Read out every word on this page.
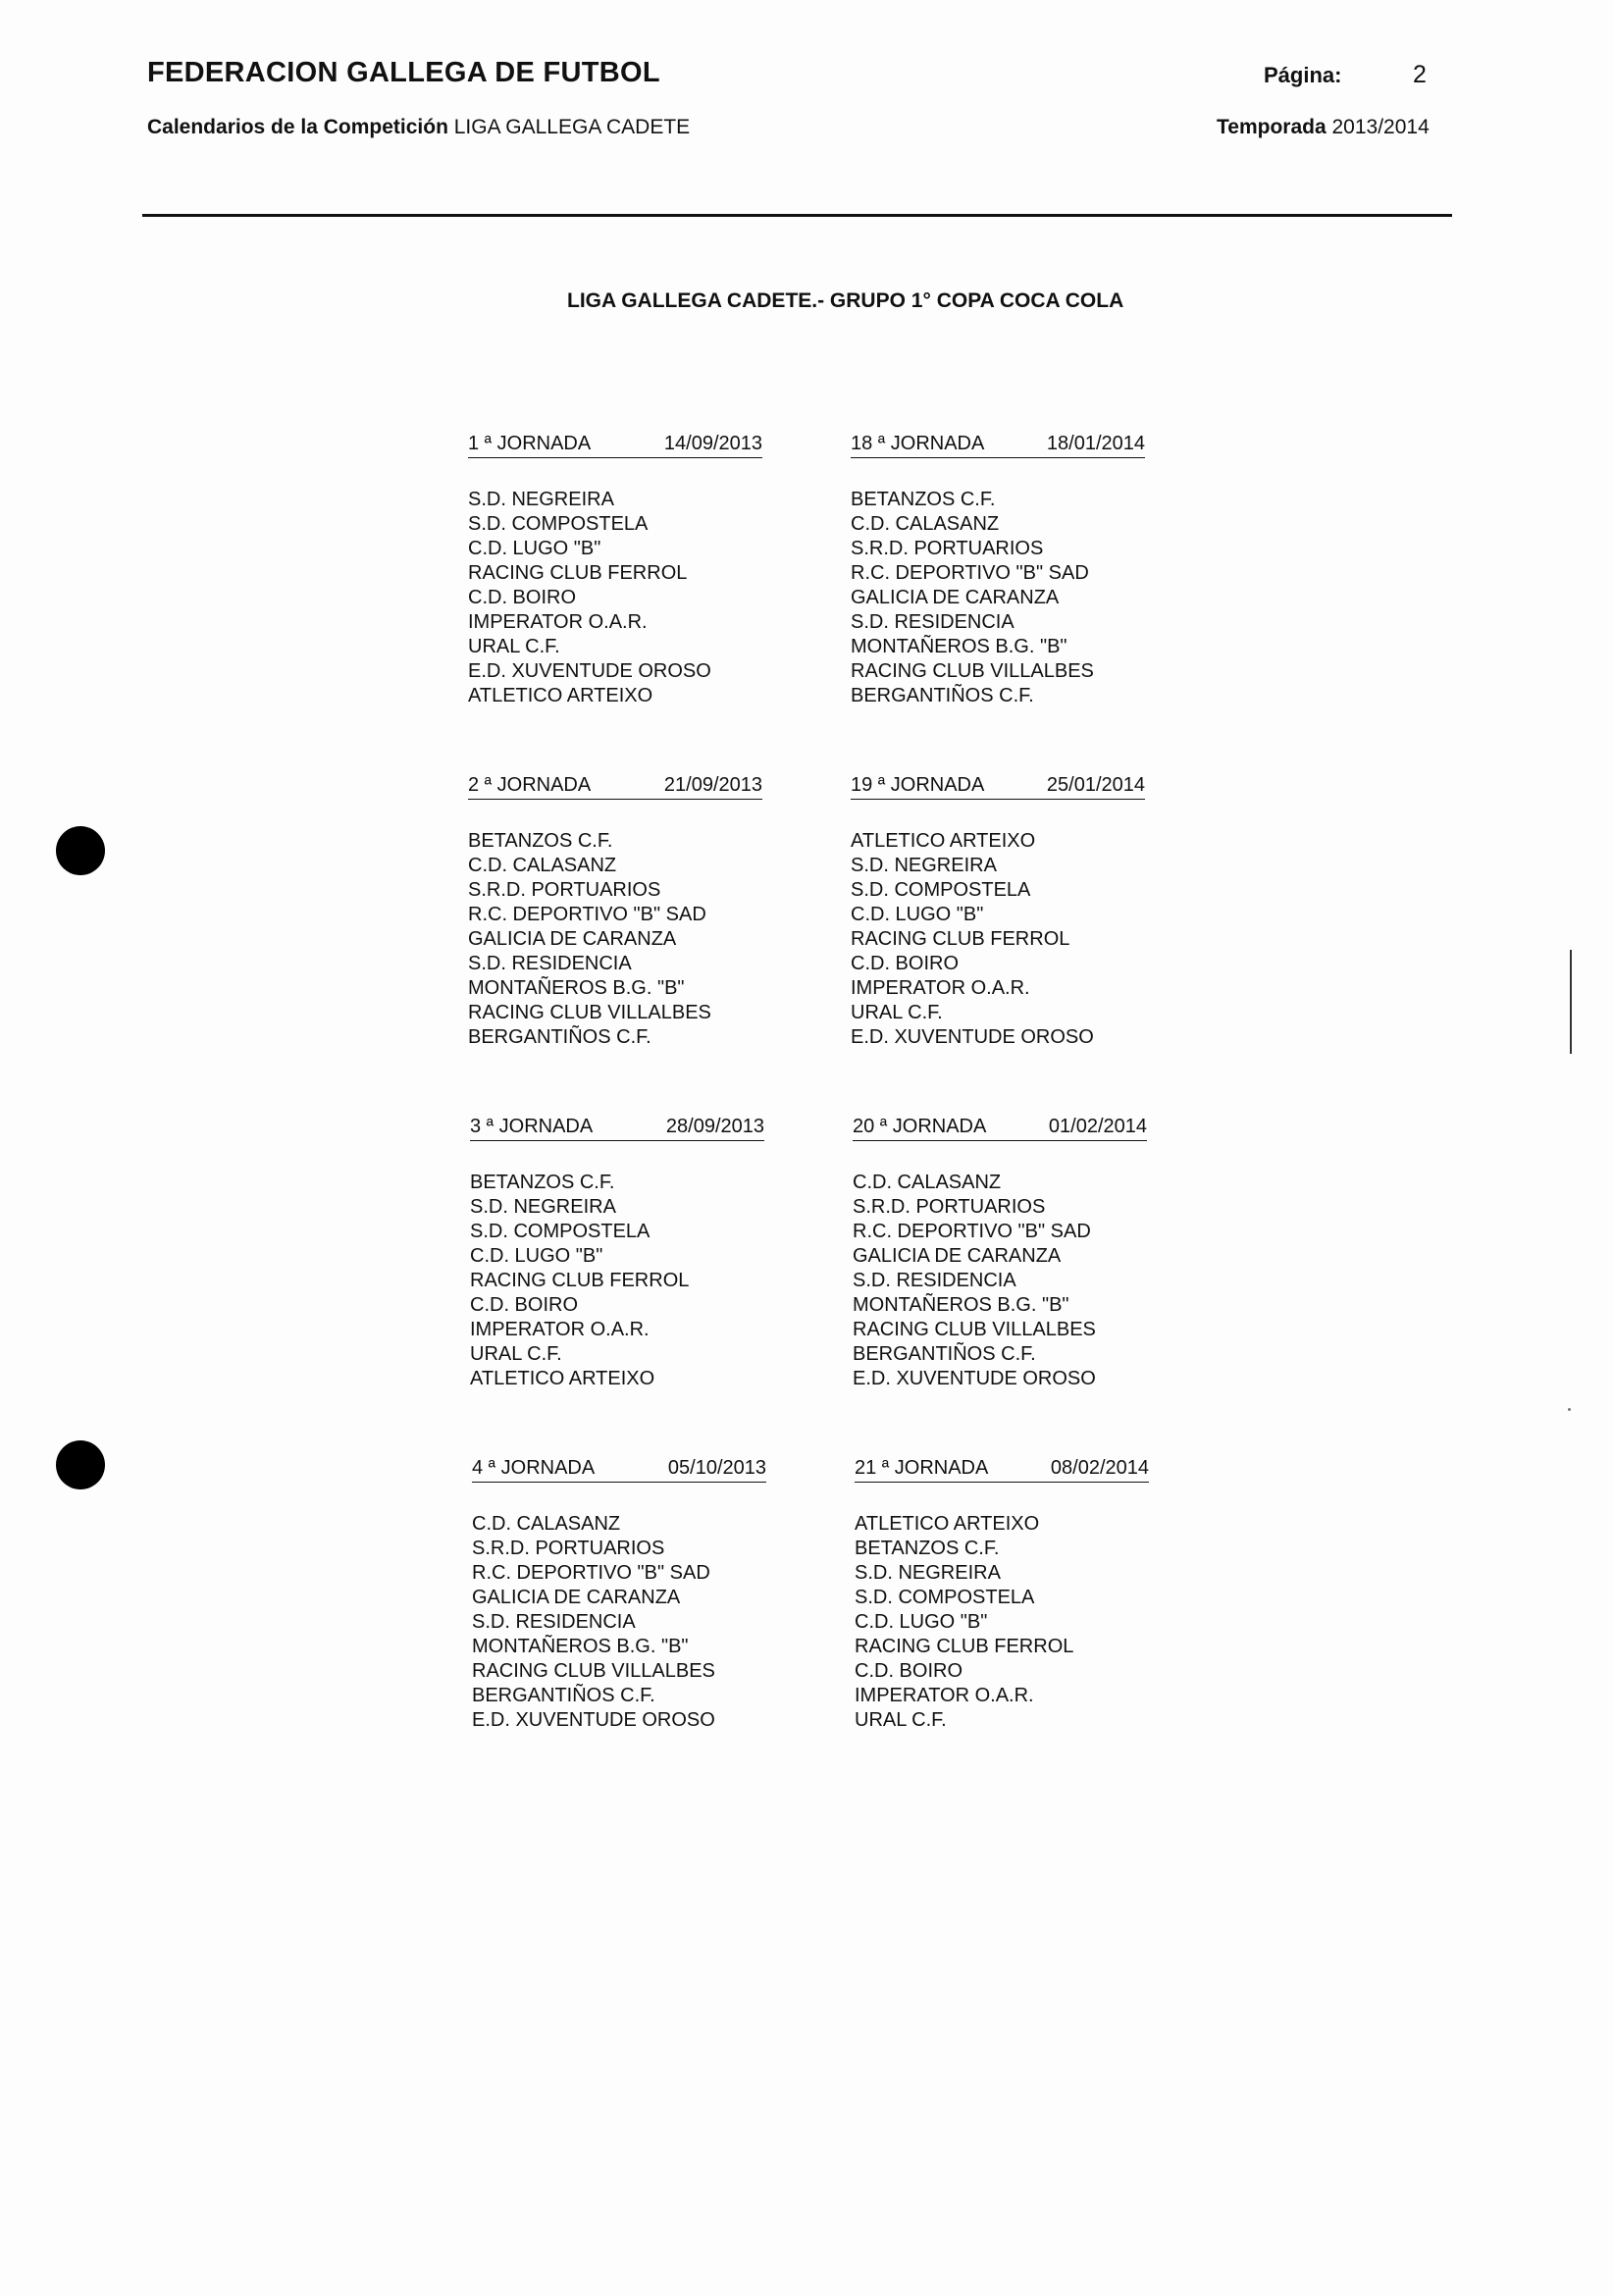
FEDERACION GALLEGA DE FUTBOL	Página:	2
Calendarios de la Competición LIGA GALLEGA CADETE	Temporada 2013/2014
LIGA GALLEGA CADETE.- GRUPO 1° COPA COCA COLA
1 ª JORNADA	14/09/2013
S.D. NEGREIRA
S.D. COMPOSTELA
C.D. LUGO "B"
RACING CLUB FERROL
C.D. BOIRO
IMPERATOR O.A.R.
URAL C.F.
E.D. XUVENTUDE OROSO
ATLETICO ARTEIXO
18 ª JORNADA	18/01/2014
BETANZOS C.F.
C.D. CALASANZ
S.R.D. PORTUARIOS
R.C. DEPORTIVO "B" SAD
GALICIA DE CARANZA
S.D. RESIDENCIA
MONTAÑEROS B.G. "B"
RACING CLUB VILLALBES
BERGANTIÑOS C.F.
2 ª JORNADA	21/09/2013
BETANZOS C.F.
C.D. CALASANZ
S.R.D. PORTUARIOS
R.C. DEPORTIVO "B" SAD
GALICIA DE CARANZA
S.D. RESIDENCIA
MONTAÑEROS B.G. "B"
RACING CLUB VILLALBES
BERGANTIÑOS C.F.
19 ª JORNADA	25/01/2014
ATLETICO ARTEIXO
S.D. NEGREIRA
S.D. COMPOSTELA
C.D. LUGO "B"
RACING CLUB FERROL
C.D. BOIRO
IMPERATOR O.A.R.
URAL C.F.
E.D. XUVENTUDE OROSO
3 ª JORNADA	28/09/2013
BETANZOS C.F.
S.D. NEGREIRA
S.D. COMPOSTELA
C.D. LUGO "B"
RACING CLUB FERROL
C.D. BOIRO
IMPERATOR O.A.R.
URAL C.F.
ATLETICO ARTEIXO
20 ª JORNADA	01/02/2014
C.D. CALASANZ
S.R.D. PORTUARIOS
R.C. DEPORTIVO "B" SAD
GALICIA DE CARANZA
S.D. RESIDENCIA
MONTAÑEROS B.G. "B"
RACING CLUB VILLALBES
BERGANTIÑOS C.F.
E.D. XUVENTUDE OROSO
4 ª JORNADA	05/10/2013
C.D. CALASANZ
S.R.D. PORTUARIOS
R.C. DEPORTIVO "B" SAD
GALICIA DE CARANZA
S.D. RESIDENCIA
MONTAÑEROS B.G. "B"
RACING CLUB VILLALBES
BERGANTIÑOS C.F.
E.D. XUVENTUDE OROSO
21 ª JORNADA	08/02/2014
ATLETICO ARTEIXO
BETANZOS C.F.
S.D. NEGREIRA
S.D. COMPOSTELA
C.D. LUGO "B"
RACING CLUB FERROL
C.D. BOIRO
IMPERATOR O.A.R.
URAL C.F.
